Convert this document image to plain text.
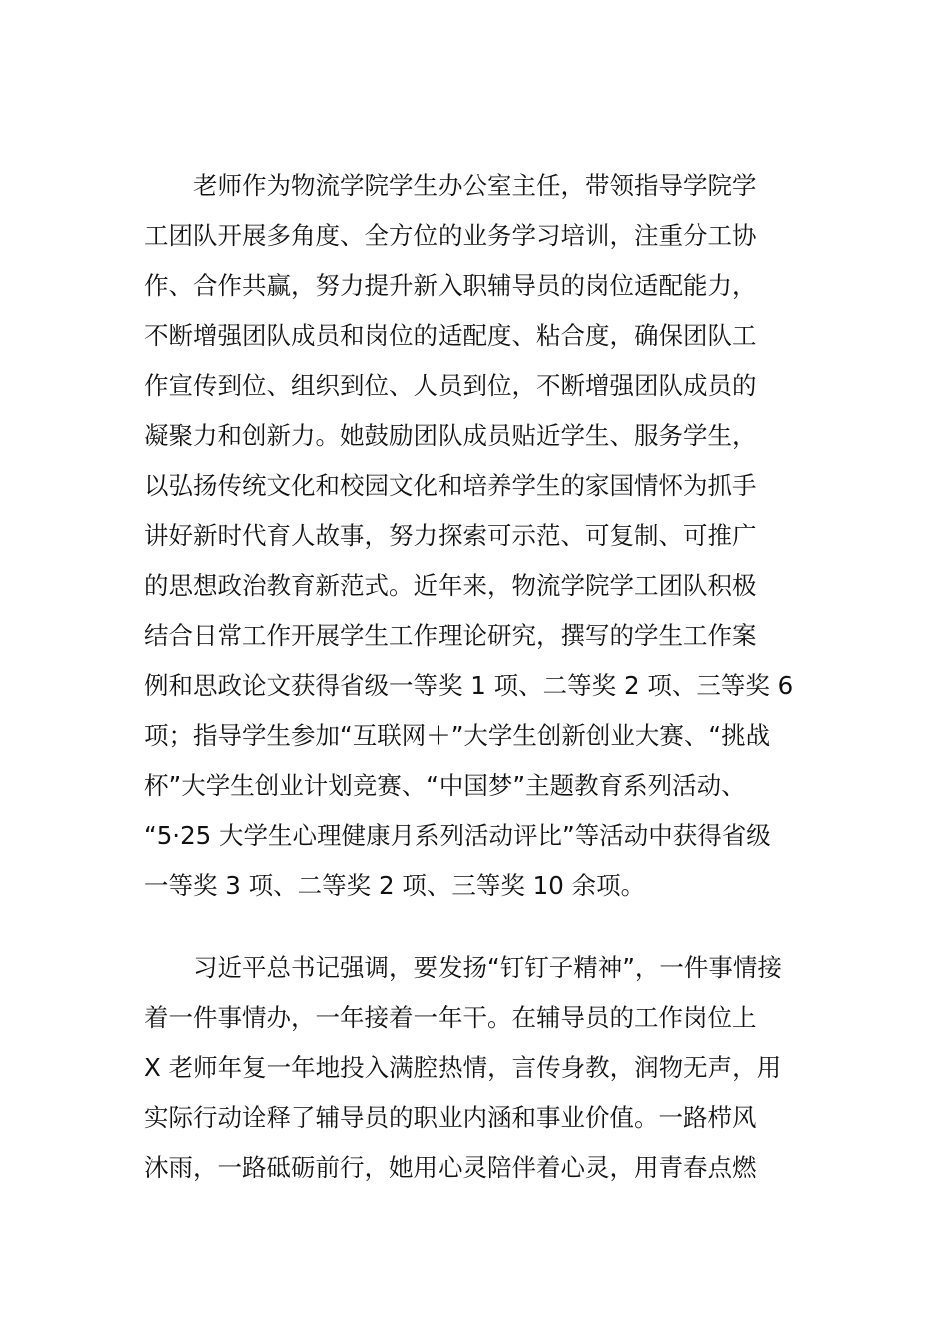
　　老师作为物流学院学生办公室主任，带领指导学院学
工团队开展多角度、全方位的业务学习培训，注重分工协
作、合作共赢，努力提升新入职辅导员的岗位适配能力，
不断增强团队成员和岗位的适配度、粘合度，确保团队工
作宣传到位、组织到位、人员到位，不断增强团队成员的
凝聚力和创新力。她鼓励团队成员贴近学生、服务学生，
以弘扬传统文化和校园文化和培养学生的家国情怀为抓手
讲好新时代育人故事，努力探索可示范、可复制、可推广
的思想政治教育新范式。近年来，物流学院学工团队积极
结合日常工作开展学生工作理论研究，撰写的学生工作案
例和思政论文获得省级一等奖 1 项、二等奖 2 项、三等奖 6
项；指导学生参加“互联网＋”大学生创新创业大赛、“挑战
杯”大学生创业计划竞赛、“中国梦”主题教育系列活动、
“5·25 大学生心理健康月系列活动评比”等活动中获得省级
一等奖 3 项、二等奖 2 项、三等奖 10 余项。
　　习近平总书记强调，要发扬“钉钉子精神”，一件事情接
着一件事情办，一年接着一年干。在辅导员的工作岗位上
X 老师年复一年地投入满腔热情，言传身教，润物无声，用
实际行动诠释了辅导员的职业内涵和事业价值。一路栉风
沐雨，一路砥砺前行，她用心灵陪伴着心灵，用青春点燃
